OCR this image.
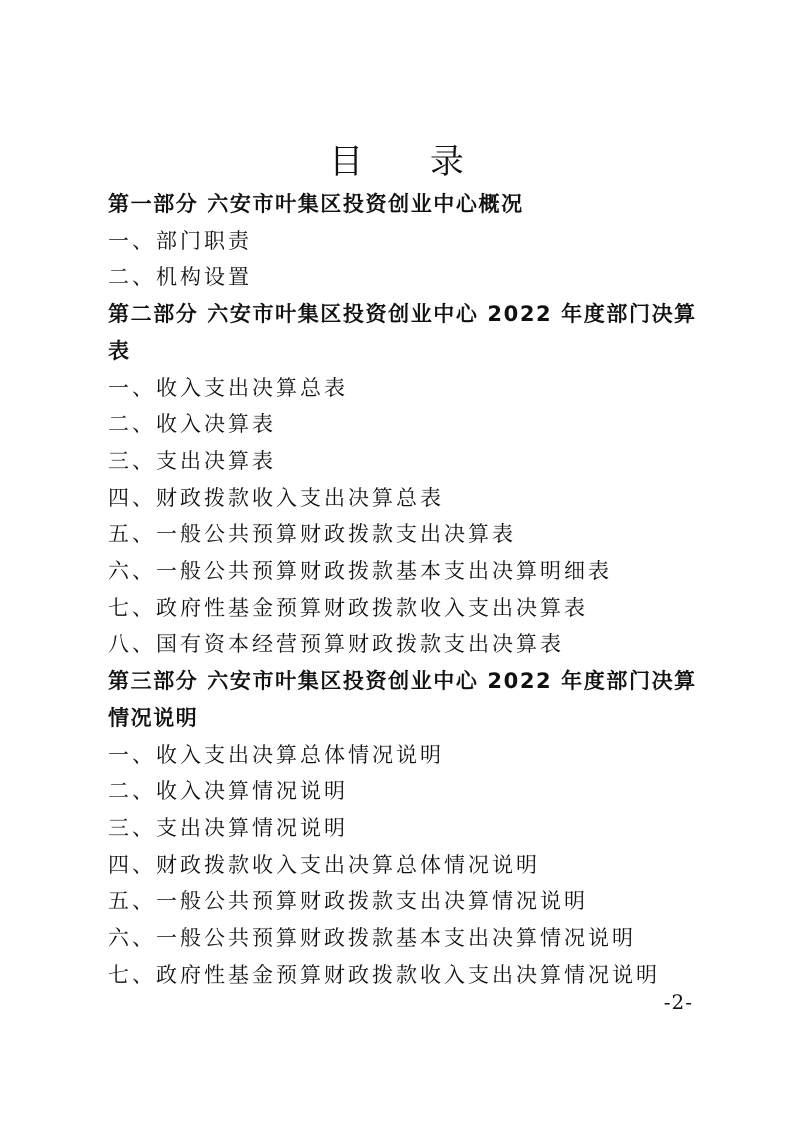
目 录
第一部分 六安市叶集区投资创业中心概况
一、部门职责
二、机构设置
第二部分 六安市叶集区投资创业中心 2022 年度部门决算表
一、收入支出决算总表
二、收入决算表
三、支出决算表
四、财政拨款收入支出决算总表
五、一般公共预算财政拨款支出决算表
六、一般公共预算财政拨款基本支出决算明细表
七、政府性基金预算财政拨款收入支出决算表
八、国有资本经营预算财政拨款支出决算表
第三部分 六安市叶集区投资创业中心 2022 年度部门决算情况说明
一、收入支出决算总体情况说明
二、收入决算情况说明
三、支出决算情况说明
四、财政拨款收入支出决算总体情况说明
五、一般公共预算财政拨款支出决算情况说明
六、一般公共预算财政拨款基本支出决算情况说明
七、政府性基金预算财政拨款收入支出决算情况说明
-2-
